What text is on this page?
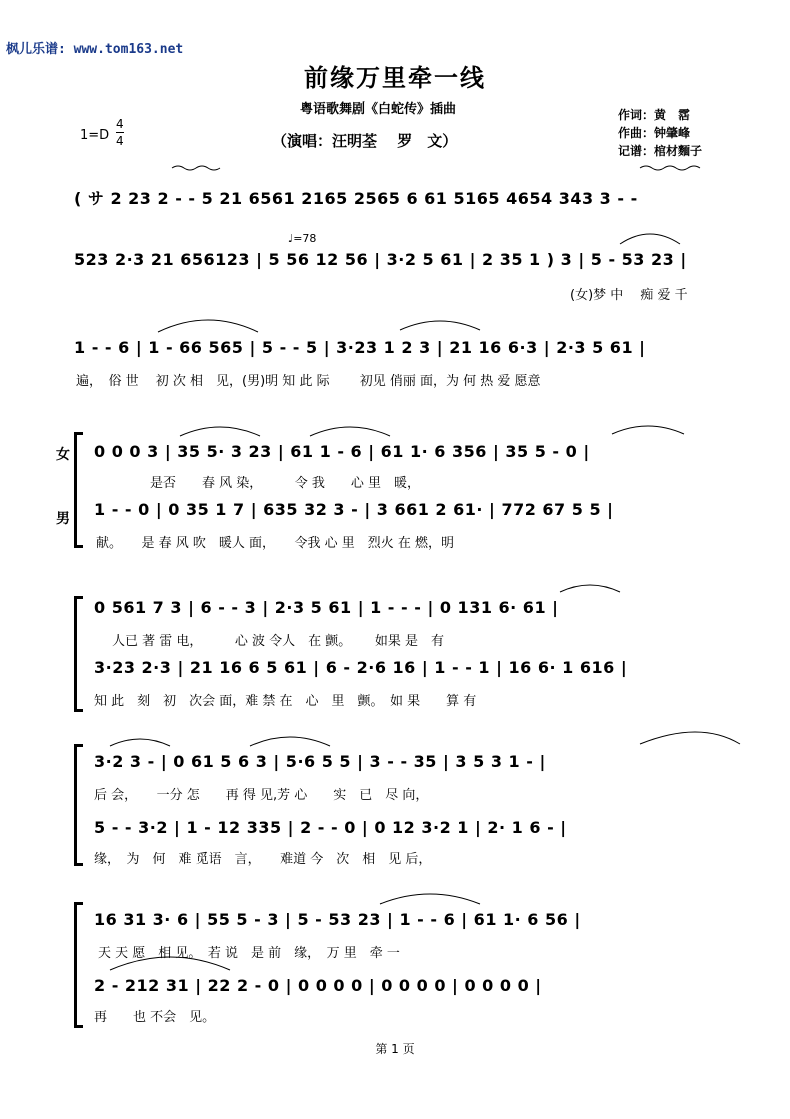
枫儿乐谱: www.tom163.net
前缘万里牵一线
粤语歌舞剧《白蛇传》插曲
（演唱：汪明荃　 罗　文）
作词：黄　霑
作曲：钟肇峰
记谱：棺材麵子
1=D
4
4
( サ 2 23 2 - - 5 21 6561 2165 2565 6 61 5165 4654 343 3 - -
523 2·3 21 656123 | 5 56 12 56 | 3·2 5 61 | 2 35 1 ) 3 | 5 - 53 23 |
♩=78
(女)梦 中　 痴 爱 千
1 - - 6 | 1 - 66 565 | 5 - - 5 | 3·23 1 2 3 | 21 16 6·3 | 2·3 5 61 |
遍，　俗 世　 初 次 相　见，(男)明 知 此 际　　 初见 俏丽 面，为 何 热 爱 愿意
女
男
0 0 0 3 | 35 5· 3 23 | 61 1 - 6 | 61 1· 6 356 | 35 5 - 0 |
是否　　春 风 染，　　　令 我　　心 里　暖，
1 - - 0 | 0 35 1 7 | 635 32 3 - | 3 661 2 61· | 772 67 5 5 |
献。　　是 春 风 吹　暖人 面，　　令我 心 里　烈火 在 燃，明
0 561 7 3 | 6 - - 3 | 2·3 5 61 | 1 - - - | 0 131 6· 61 |
人已 著 雷 电，　　　心 波 令人　在 颤。　　 如果 是　有
3·23 2·3 | 21 16 6 5 61 | 6 - 2·6 16 | 1 - - 1 | 16 6· 1 616 |
知 此　刻　初　次会 面，难 禁 在　心　里　颤。　如 果　　算 有
3·2 3 - | 0 61 5 6 3 | 5·6 5 5 | 3 - - 35 | 3 5 3 1 - |
后 会，　　一分 怎　　再 得 见,芳 心　　实　已　尽 向，
5 - - 3·2 | 1 - 12 335 | 2 - - 0 | 0 12 3·2 1 | 2· 1 6 - |
缘，　为　何　难 觅语　言，　　难道 今　次　相　见 后，
16 31 3· 6 | 55 5 - 3 | 5 - 53 23 | 1 - - 6 | 61 1· 6 56 |
天 天 愿　相 见。　若 说　是 前　缘，　万 里　牵 一
2 - 212 31 | 22 2 - 0 | 0 0 0 0 | 0 0 0 0 | 0 0 0 0 |
再　　也 不会　见。
第 1 页
